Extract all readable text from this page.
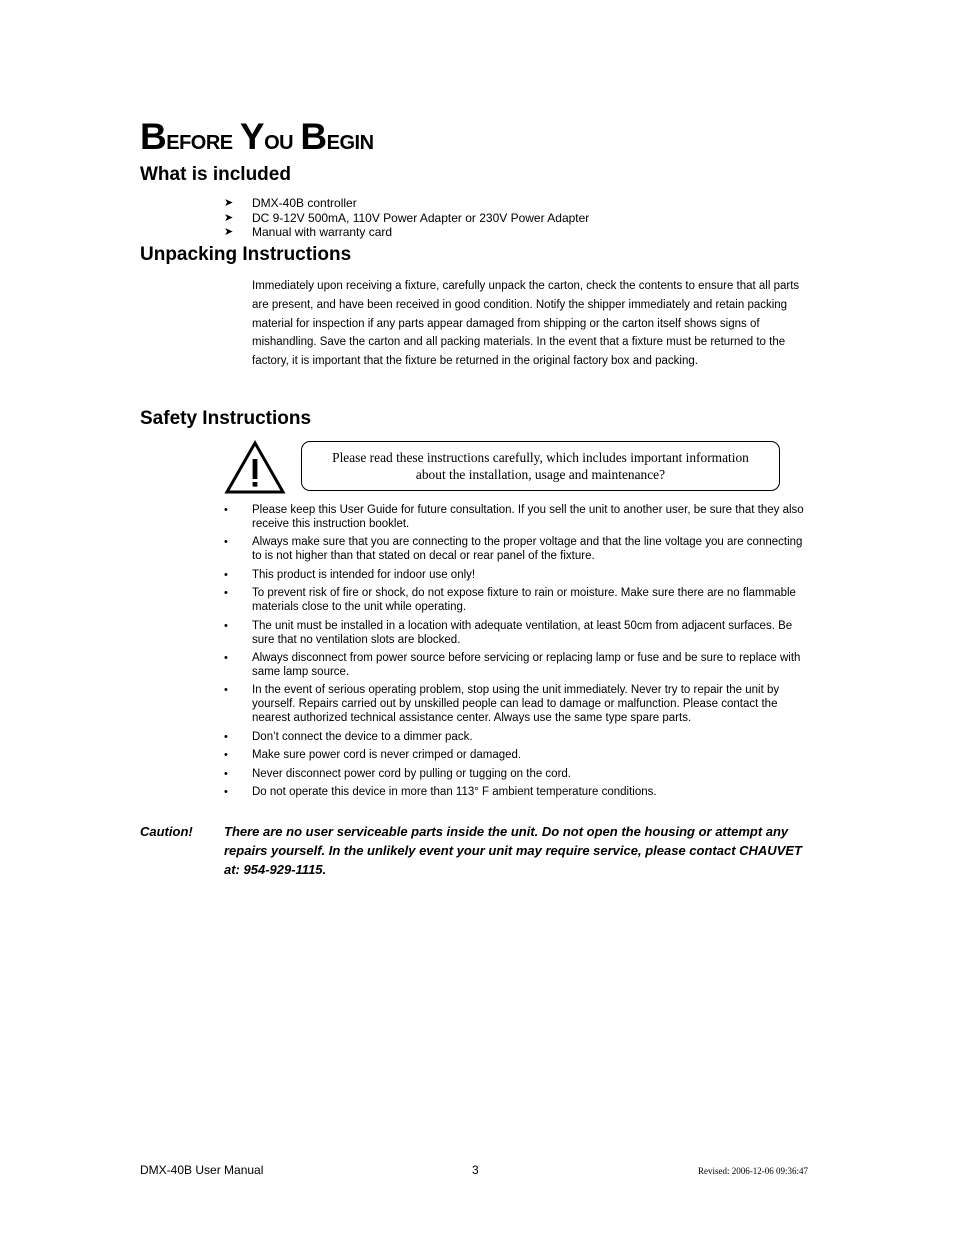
Before You Begin
What is included
➤ DMX-40B controller
➤ DC 9-12V 500mA, 110V Power Adapter or 230V Power Adapter
➤ Manual with warranty card
Unpacking Instructions

Immediately upon receiving a fixture, carefully unpack the carton, check the contents to ensure that all parts are present, and have been received in good condition. Notify the shipper immediately and retain packing material for inspection if any parts appear damaged from shipping or the carton itself shows signs of mishandling. Save the carton and all packing materials. In the event that a fixture must be returned to the factory, it is important that the fixture be returned in the original factory box and packing.

Safety Instructions
Please read these instructions carefully, which includes important information about the installation, usage and maintenance?
• Please keep this User Guide for future consultation. If you sell the unit to another user, be sure that they also receive this instruction booklet.
• Always make sure that you are connecting to the proper voltage and that the line voltage you are connecting to is not higher than that stated on decal or rear panel of the fixture.
• This product is intended for indoor use only!
• To prevent risk of fire or shock, do not expose fixture to rain or moisture. Make sure there are no flammable materials close to the unit while operating.
• The unit must be installed in a location with adequate ventilation, at least 50cm from adjacent surfaces. Be sure that no ventilation slots are blocked.
• Always disconnect from power source before servicing or replacing lamp or fuse and be sure to replace with same lamp source.
• In the event of serious operating problem, stop using the unit immediately. Never try to repair the unit by yourself. Repairs carried out by unskilled people can lead to damage or malfunction. Please contact the nearest authorized technical assistance center. Always use the same type spare parts.
• Don’t connect the device to a dimmer pack.
• Make sure power cord is never crimped or damaged.
• Never disconnect power cord by pulling or tugging on the cord.
• Do not operate this device in more than 113° F ambient temperature conditions.
Caution! There are no user serviceable parts inside the unit. Do not open the housing or attempt any repairs yourself. In the unlikely event your unit may require service, please contact CHAUVET at: 954-929-1115.
DMX-40B User Manual	3	Revised: 2006-12-06 09:36:47
